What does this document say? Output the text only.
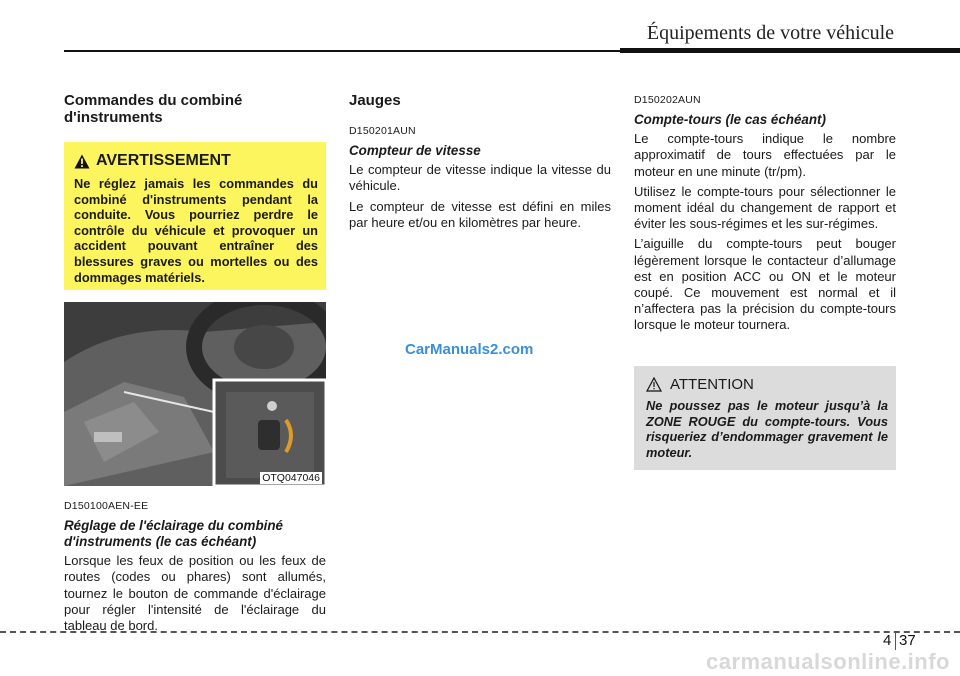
Équipements de votre véhicule
Commandes du combiné d'instruments
AVERTISSEMENT
Ne réglez jamais les commandes du combiné d'instruments pendant la conduite. Vous pourriez perdre le contrôle du véhicule et provoquer un accident pouvant entraîner des blessures graves ou mortelles ou des dommages matériels.
OTQ047046
D150100AEN-EE
Réglage de l'éclairage du combiné d'instruments (le cas échéant)
Lorsque les feux de position ou les feux de routes (codes ou phares) sont allumés, tournez le bouton de commande d'éclairage pour régler l'intensité de l'éclairage du tableau de bord.
Jauges
D150201AUN
Compteur de vitesse
Le compteur de vitesse indique la vitesse du véhicule.
Le compteur de vitesse est défini en miles par heure et/ou en kilomètres par heure.
CarManuals2.com
D150202AUN
Compte-tours (le cas échéant)
Le compte-tours indique le nombre approximatif de tours effectuées par le moteur en une minute (tr/pm).
Utilisez le compte-tours pour sélectionner le moment idéal du changement de rapport et éviter les sous-régimes et les sur-régimes.
L’aiguille du compte-tours peut bouger légèrement lorsque le contacteur d’allumage est en position ACC ou ON et le moteur coupé. Ce mouvement est normal et il n’affectera pas la précision du compte-tours lorsque le moteur tournera.
ATTENTION
Ne poussez pas le moteur jusqu’à la ZONE ROUGE du compte-tours. Vous risqueriez d’endommager gravement le moteur.
4 37
carmanualsonline.info
